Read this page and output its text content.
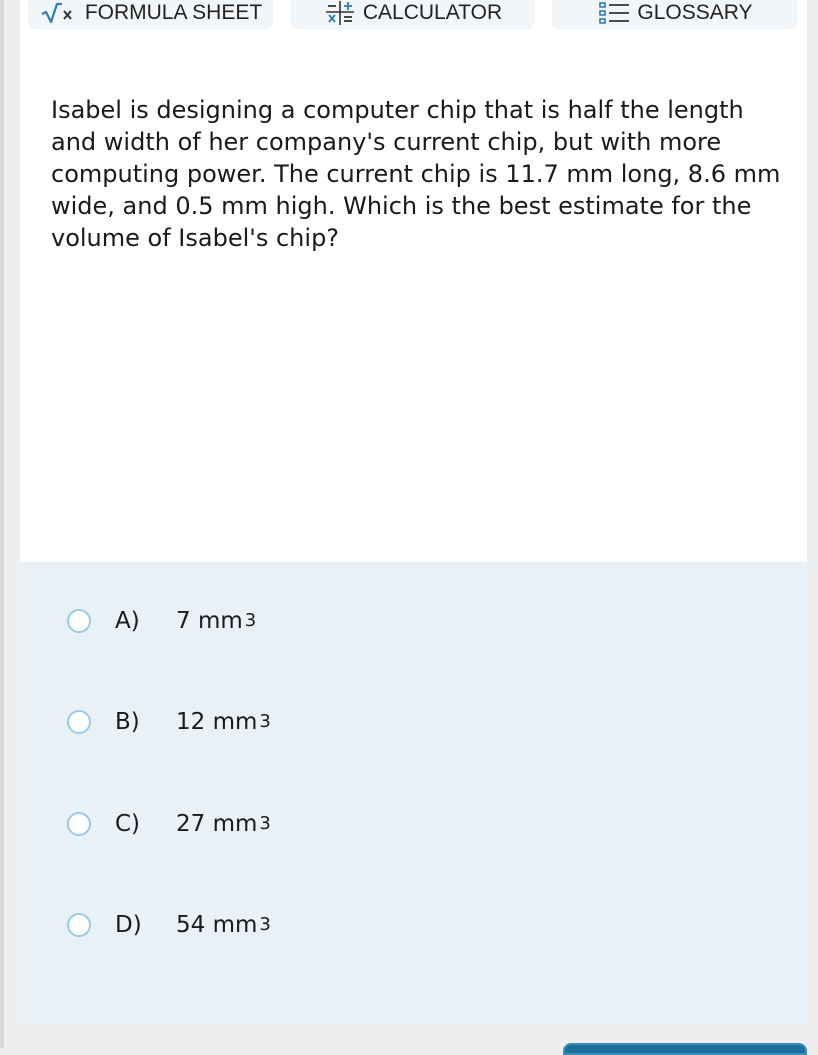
FORMULA SHEET	CALCULATOR	GLOSSARY

Isabel is designing a computer chip that is half the length and width of her company's current chip, but with more computing power. The current chip is 11.7 mm long, 8.6 mm wide, and 0.5 mm high. Which is the best estimate for the volume of Isabel's chip?

A)	7 mm 3
B)	12 mm 3
C)	27 mm 3
D)	54 mm 3
